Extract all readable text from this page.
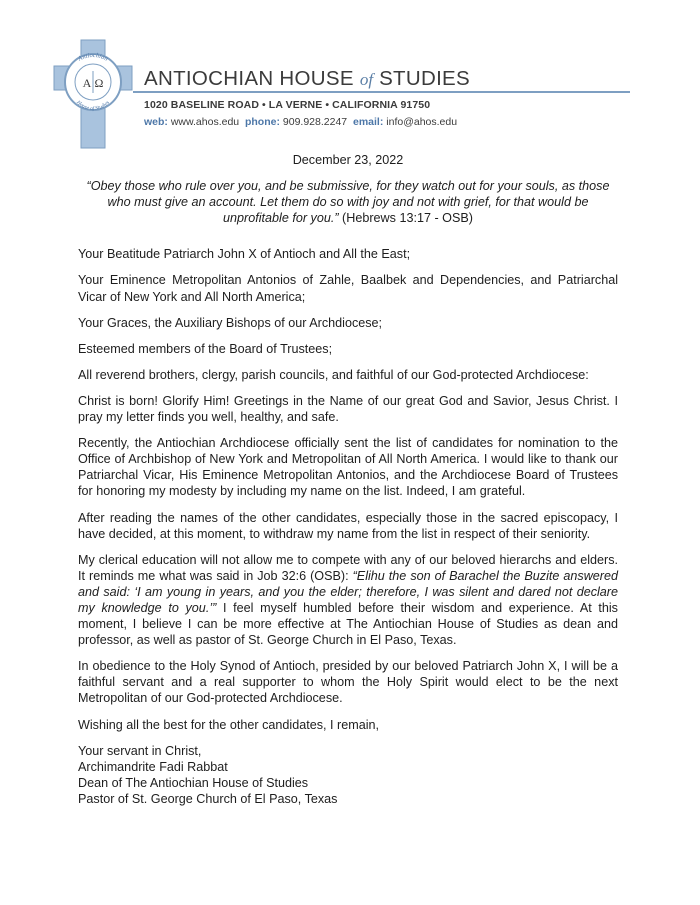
Antiochian
House of Studies
A Ω ANTIOCHIAN HOUSE of STUDIES
1020 BASELINE ROAD • LA VERNE • CALIFORNIA 91750
web: www.ahos.edu phone: 909.928.2247 email: info@ahos.edu

December 23, 2022

“Obey those who rule over you, and be submissive, for they watch out for your souls, as those who must give an account. Let them do so with joy and not with grief, for that would be unprofitable for you.” (Hebrews 13:17 - OSB)

Your Beatitude Patriarch John X of Antioch and All the East;

Your Eminence Metropolitan Antonios of Zahle, Baalbek and Dependencies, and Patriarchal Vicar of New York and All North America;

Your Graces, the Auxiliary Bishops of our Archdiocese;

Esteemed members of the Board of Trustees;

All reverend brothers, clergy, parish councils, and faithful of our God-protected Archdiocese:

Christ is born! Glorify Him! Greetings in the Name of our great God and Savior, Jesus Christ. I pray my letter finds you well, healthy, and safe.

Recently, the Antiochian Archdiocese officially sent the list of candidates for nomination to the Office of Archbishop of New York and Metropolitan of All North America. I would like to thank our Patriarchal Vicar, His Eminence Metropolitan Antonios, and the Archdiocese Board of Trustees for honoring my modesty by including my name on the list. Indeed, I am grateful.

After reading the names of the other candidates, especially those in the sacred episcopacy, I have decided, at this moment, to withdraw my name from the list in respect of their seniority.

My clerical education will not allow me to compete with any of our beloved hierarchs and elders. It reminds me what was said in Job 32:6 (OSB): “Elihu the son of Barachel the Buzite answered and said: ‘I am young in years, and you the elder; therefore, I was silent and dared not declare my knowledge to you.’” I feel myself humbled before their wisdom and experience. At this moment, I believe I can be more effective at The Antiochian House of Studies as dean and professor, as well as pastor of St. George Church in El Paso, Texas.

In obedience to the Holy Synod of Antioch, presided by our beloved Patriarch John X, I will be a faithful servant and a real supporter to whom the Holy Spirit would elect to be the next Metropolitan of our God-protected Archdiocese.

Wishing all the best for the other candidates, I remain,

Your servant in Christ,
Archimandrite Fadi Rabbat
Dean of The Antiochian House of Studies
Pastor of St. George Church of El Paso, Texas
